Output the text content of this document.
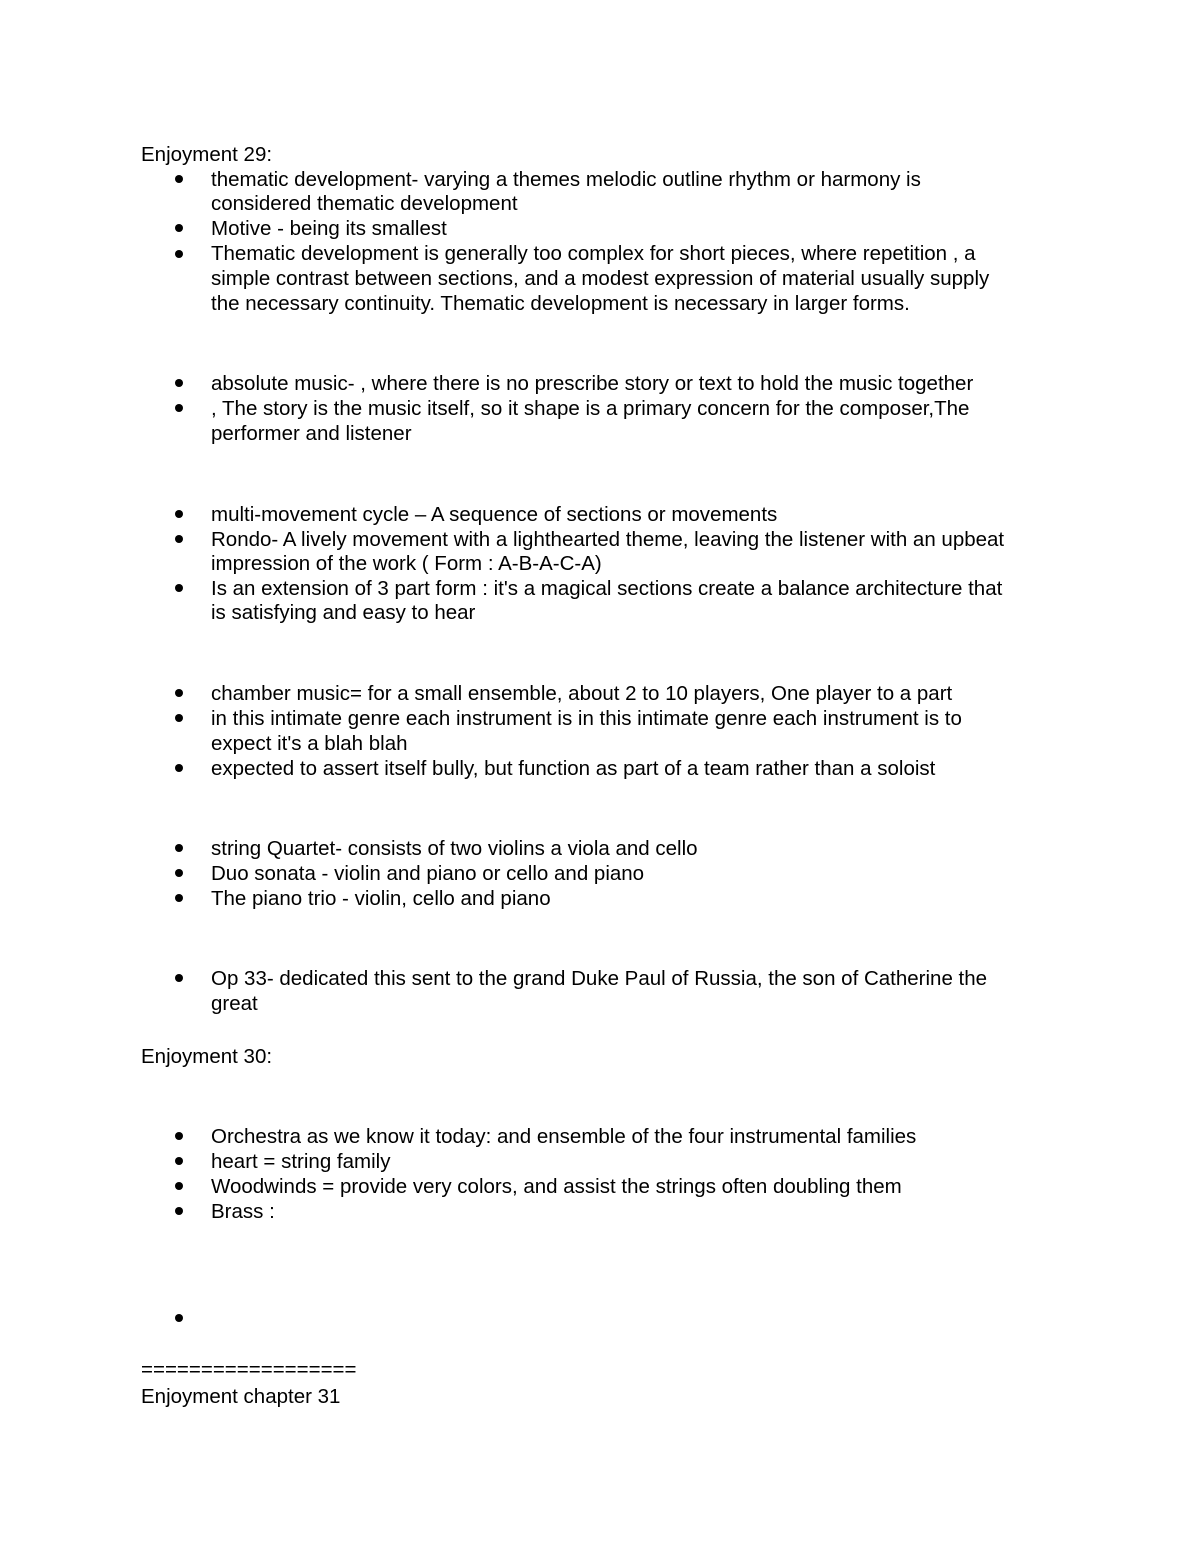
Enjoyment 29:
thematic development- varying a themes melodic outline rhythm or harmony is
considered thematic development
Motive - being its smallest
Thematic development is generally too complex for short pieces, where repetition , a
simple contrast between sections, and a modest expression of material usually supply
the necessary continuity. Thematic development is necessary in larger forms.
absolute music- , where there is no prescribe story or text to hold the music together
, The story is the music itself, so it shape is a primary concern for the composer,The
performer and listener
multi-movement cycle – A sequence of sections or movements
Rondo- A lively movement with a lighthearted theme, leaving the listener with an upbeat
impression of the work ( Form : A-B-A-C-A)
Is an extension of 3 part form : it's a magical sections create a balance architecture that
is satisfying and easy to hear
chamber music= for a small ensemble, about 2 to 10 players, One player to a part
in this intimate genre each instrument is in this intimate genre each instrument is to
expect it's a blah blah
expected to assert itself bully, but function as part of a team rather than a soloist
string Quartet- consists of two violins a viola and cello
Duo sonata - violin and piano or cello and piano
The piano trio - violin, cello and piano
Op 33- dedicated this sent to the grand Duke Paul of Russia, the son of Catherine the
great
Enjoyment 30:
Orchestra as we know it today: and ensemble of the four instrumental families
heart = string family
Woodwinds = provide very colors, and assist the strings often doubling them
Brass :
==================
Enjoyment chapter 31
